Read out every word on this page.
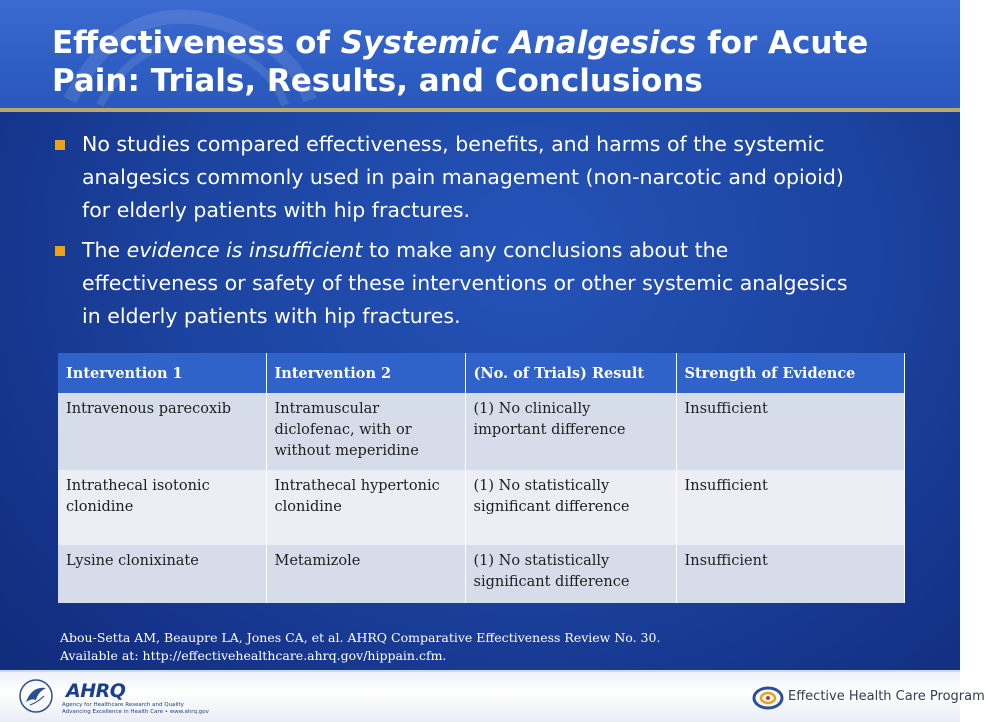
Effectiveness of Systemic Analgesics for Acute Pain: Trials, Results, and Conclusions
No studies compared effectiveness, benefits, and harms of the systemic analgesics commonly used in pain management (non-narcotic and opioid) for elderly patients with hip fractures.
The evidence is insufficient to make any conclusions about the effectiveness or safety of these interventions or other systemic analgesics in elderly patients with hip fractures.
Intervention 1	Intervention 2	(No. of Trials) Result	Strength of Evidence
Intravenous parecoxib	Intramuscular diclofenac, with or without meperidine	(1) No clinically important difference	Insufficient
Intrathecal isotonic clonidine	Intrathecal hypertonic clonidine	(1) No statistically significant difference	Insufficient
Lysine clonixinate	Metamizole	(1) No statistically significant difference	Insufficient
Abou-Setta AM, Beaupre LA, Jones CA, et al. AHRQ Comparative Effectiveness Review No. 30.
Available at: http://effectivehealthcare.ahrq.gov/hippain.cfm.
AHRQ
Agency for Healthcare Research and Quality
Advancing Excellence in Health Care • www.ahrq.gov
Effective Health Care Program
